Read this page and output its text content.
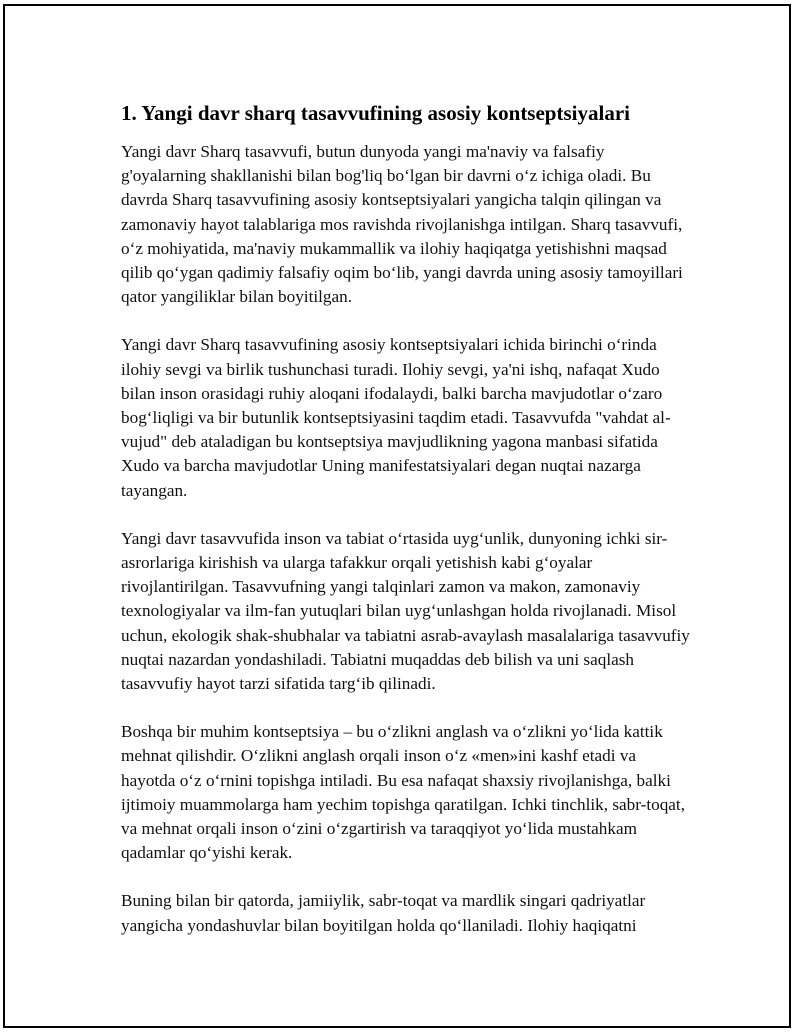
1. Yangi davr sharq tasavvufining asosiy kontseptsiyalari

Yangi davr Sharq tasavvufi, butun dunyoda yangi ma'naviy va falsafiy g'oyalarning shakllanishi bilan bog'liq bo‘lgan bir davrni o‘z ichiga oladi. Bu davrda Sharq tasavvufining asosiy kontseptsiyalari yangicha talqin qilingan va zamonaviy hayot talablariga mos ravishda rivojlanishga intilgan. Sharq tasavvufi, o‘z mohiyatida, ma'naviy mukammallik va ilohiy haqiqatga yetishishni maqsad qilib qo‘ygan qadimiy falsafiy oqim bo‘lib, yangi davrda uning asosiy tamoyillari qator yangiliklar bilan boyitilgan.

Yangi davr Sharq tasavvufining asosiy kontseptsiyalari ichida birinchi o‘rinda ilohiy sevgi va birlik tushunchasi turadi. Ilohiy sevgi, ya'ni ishq, nafaqat Xudo bilan inson orasidagi ruhiy aloqani ifodalaydi, balki barcha mavjudotlar o‘zaro bog‘liqligi va bir butunlik kontseptsiyasini taqdim etadi. Tasavvufda "vahdat al-vujud" deb ataladigan bu kontseptsiya mavjudlikning yagona manbasi sifatida Xudo va barcha mavjudotlar Uning manifestatsiyalari degan nuqtai nazarga tayangan.

Yangi davr tasavvufida inson va tabiat o‘rtasida uyg‘unlik, dunyoning ichki sir-asrorlariga kirishish va ularga tafakkur orqali yetishish kabi g‘oyalar rivojlantirilgan. Tasavvufning yangi talqinlari zamon va makon, zamonaviy texnologiyalar va ilm-fan yutuqlari bilan uyg‘unlashgan holda rivojlanadi. Misol uchun, ekologik shak-shubhalar va tabiatni asrab-avaylash masalalariga tasavvufiy nuqtai nazardan yondashiladi. Tabiatni muqaddas deb bilish va uni saqlash tasavvufiy hayot tarzi sifatida targ‘ib qilinadi.

Boshqa bir muhim kontseptsiya – bu o‘zlikni anglash va o‘zlikni yo‘lida kattik mehnat qilishdir. O‘zlikni anglash orqali inson o‘z «men»ini kashf etadi va hayotda o‘z o‘rnini topishga intiladi. Bu esa nafaqat shaxsiy rivojlanishga, balki ijtimoiy muammolarga ham yechim topishga qaratilgan. Ichki tinchlik, sabr-toqat, va mehnat orqali inson o‘zini o‘zgartirish va taraqqiyot yo‘lida mustahkam qadamlar qo‘yishi kerak.

Buning bilan bir qatorda, jamiiylik, sabr-toqat va mardlik singari qadriyatlar yangicha yondashuvlar bilan boyitilgan holda qo‘llaniladi. Ilohiy haqiqatni
